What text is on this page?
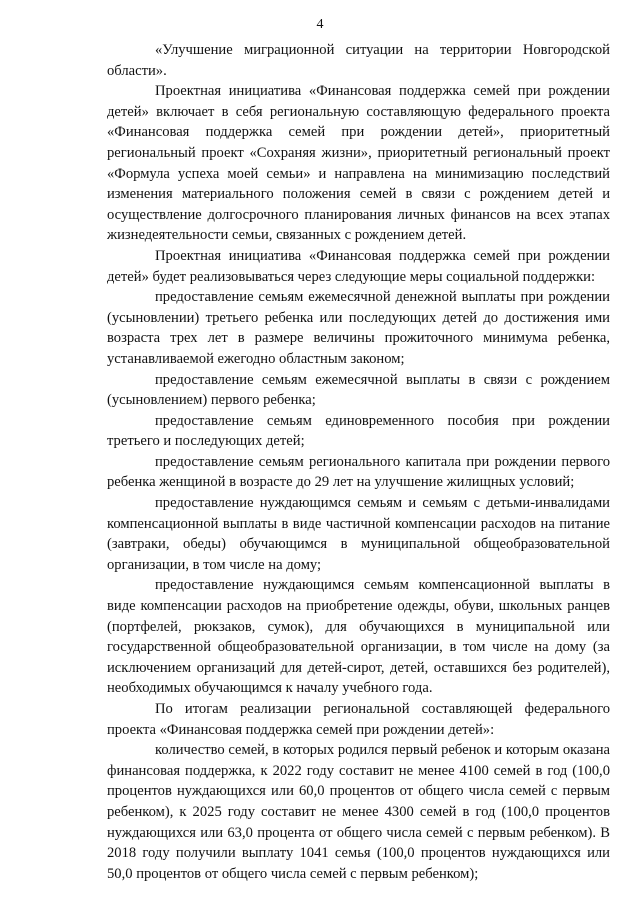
4

«Улучшение миграционной ситуации на территории Новгородской области».

Проектная инициатива «Финансовая поддержка семей при рождении детей» включает в себя региональную составляющую федерального проекта «Финансовая поддержка семей при рождении детей», приоритетный региональный проект «Сохраняя жизни», приоритетный региональный проект «Формула успеха моей семьи» и направлена на минимизацию последствий изменения материального положения семей в связи с рождением детей и осуществление долгосрочного планирования личных финансов на всех этапах жизнедеятельности семьи, связанных с рождением детей.

Проектная инициатива «Финансовая поддержка семей при рождении детей» будет реализовываться через следующие меры социальной поддержки:

предоставление семьям ежемесячной денежной выплаты при рождении (усыновлении) третьего ребенка или последующих детей до достижения ими возраста трех лет в размере величины прожиточного минимума ребенка, устанавливаемой ежегодно областным законом;

предоставление семьям ежемесячной выплаты в связи с рождением (усыновлением) первого ребенка;

предоставление семьям единовременного пособия при рождении третьего и последующих детей;

предоставление семьям регионального капитала при рождении первого ребенка женщиной в возрасте до 29 лет на улучшение жилищных условий;

предоставление нуждающимся семьям и семьям с детьми-инвалидами компенсационной выплаты в виде частичной компенсации расходов на питание (завтраки, обеды) обучающимся в муниципальной общеобразовательной организации, в том числе на дому;

предоставление нуждающимся семьям компенсационной выплаты в виде компенсации расходов на приобретение одежды, обуви, школьных ранцев (портфелей, рюкзаков, сумок), для обучающихся в муниципальной или государственной общеобразовательной организации, в том числе на дому (за исключением организаций для детей-сирот, детей, оставшихся без родителей), необходимых обучающимся к началу учебного года.

По итогам реализации региональной составляющей федерального проекта «Финансовая поддержка семей при рождении детей»:

количество семей, в которых родился первый ребенок и которым оказана финансовая поддержка, к 2022 году составит не менее 4100 семей в год (100,0 процентов нуждающихся или 60,0 процентов от общего числа семей с первым ребенком), к 2025 году составит не менее 4300 семей в год (100,0 процентов нуждающихся или 63,0 процента от общего числа семей с первым ребенком). В 2018 году получили выплату 1041 семья (100,0 процентов нуждающихся или 50,0 процентов от общего числа семей с первым ребенком);
